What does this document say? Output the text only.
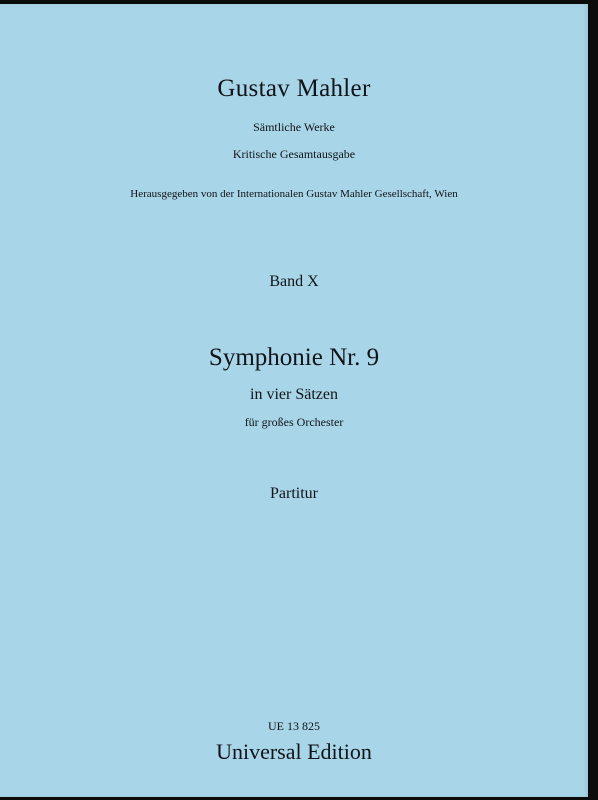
Gustav Mahler
Sämtliche Werke
Kritische Gesamtausgabe
Herausgegeben von der Internationalen Gustav Mahler Gesellschaft, Wien
Band X
Symphonie Nr. 9
in vier Sätzen
für großes Orchester
Partitur
UE 13 825
Universal Edition
